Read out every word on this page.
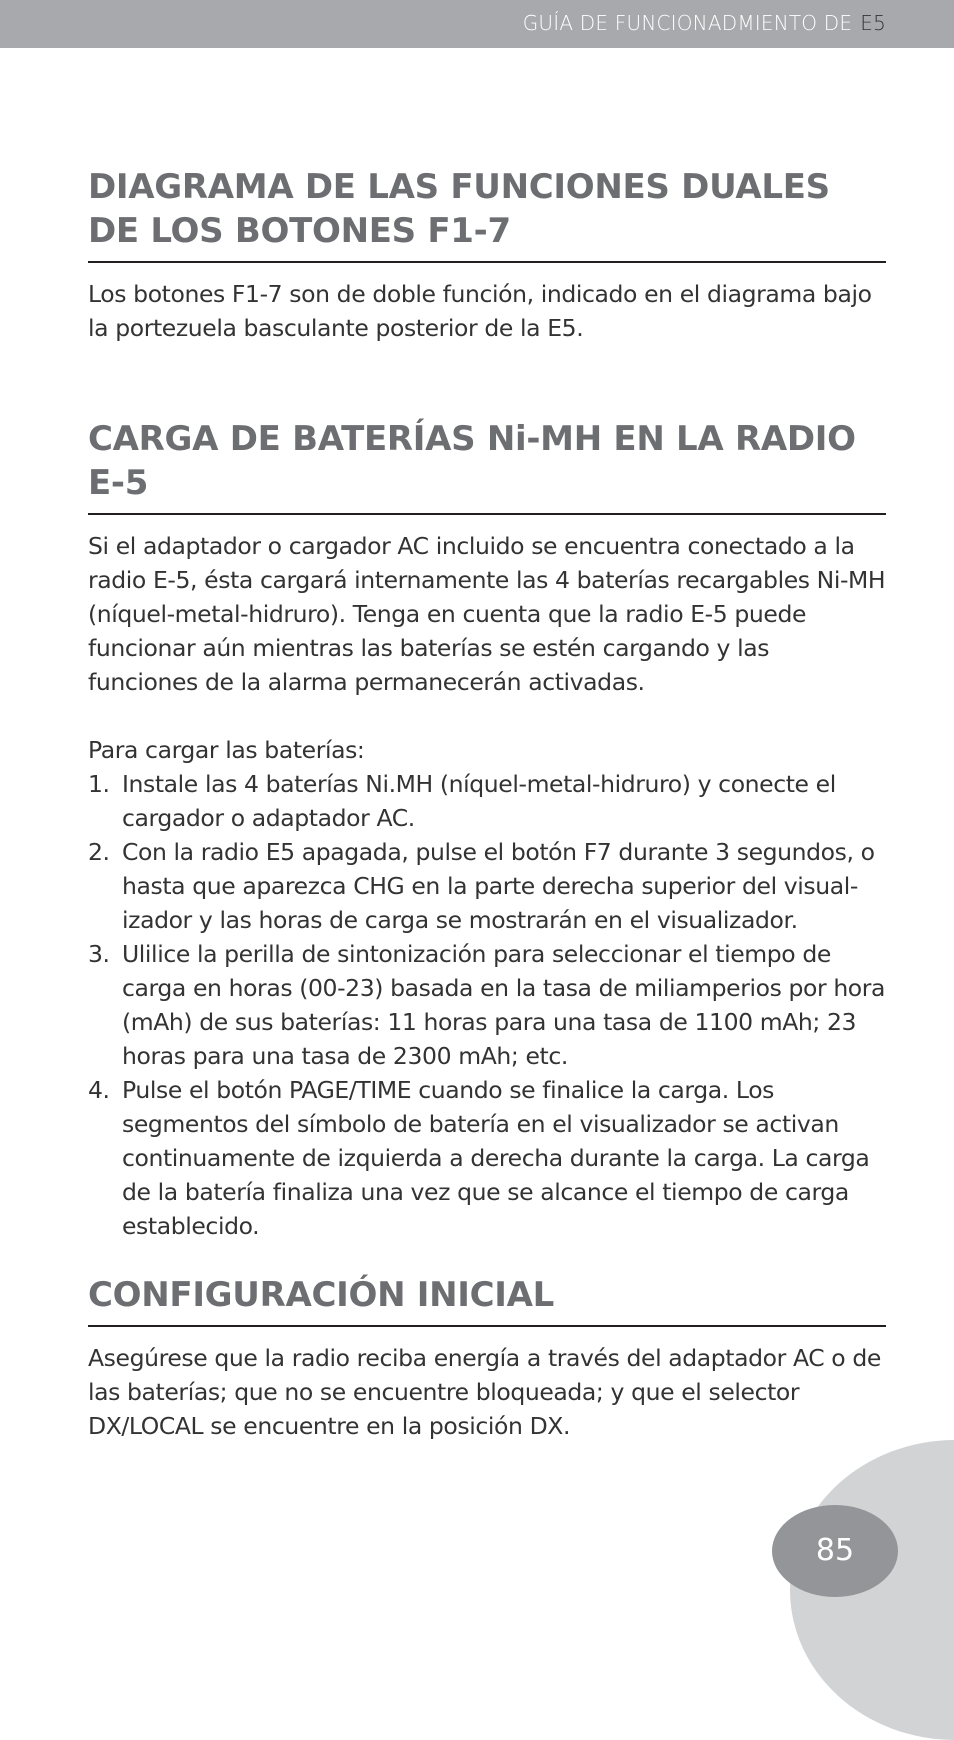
GUÍA DE FUNCIONADMIENTO DE E5
DIAGRAMA DE LAS FUNCIONES DUALES DE LOS BOTONES F1-7

Los botones F1-7 son de doble función, indicado en el diagrama bajo la portezuela basculante posterior de la E5.

CARGA DE BATERÍAS Ni-MH EN LA RADIO E-5

Si el adaptador o cargador AC incluido se encuentra conectado a la radio E-5, ésta cargará internamente las 4 baterías recargables Ni-MH (níquel-metal-hidruro). Tenga en cuenta que la radio E-5 puede funcionar aún mientras las baterías se estén cargando y las funciones de la alarma permanecerán activadas.

Para cargar las baterías:

1. Instale las 4 baterías Ni.MH (níquel-metal-hidruro) y conecte el cargador o adaptador AC.
2. Con la radio E5 apagada, pulse el botón F7 durante 3 segundos, o hasta que aparezca CHG en la parte derecha superior del visual-izador y las horas de carga se mostrarán en el visualizador.
3. Ulilice la perilla de sintonización para seleccionar el tiempo de carga en horas (00-23) basada en la tasa de miliamperios por hora (mAh) de sus baterías: 11 horas para una tasa de 1100 mAh; 23 horas para una tasa de 2300 mAh; etc.
4. Pulse el botón PAGE/TIME cuando se finalice la carga. Los segmentos del símbolo de batería en el visualizador se activan continuamente de izquierda a derecha durante la carga. La carga de la batería finaliza una vez que se alcance el tiempo de carga establecido.
CONFIGURACIÓN INICIAL

Asegúrese que la radio reciba energía a través del adaptador AC o de las baterías; que no se encuentre bloqueada; y que el selector DX/LOCAL se encuentre en la posición DX.

85
